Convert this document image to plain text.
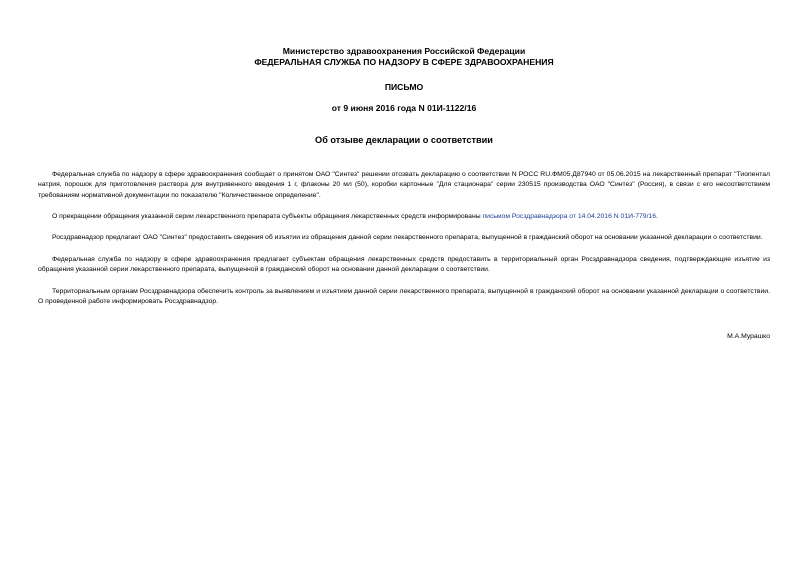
Министерство здравоохранения Российской Федерации
ФЕДЕРАЛЬНАЯ СЛУЖБА ПО НАДЗОРУ В СФЕРЕ ЗДРАВООХРАНЕНИЯ
ПИСЬМО
от 9 июня 2016 года N 01И-1122/16
Об отзыве декларации о соответствии

Федеральная служба по надзору в сфере здравоохранения сообщает о принятом ОАО "Синтез" решении отозвать декларацию о соответствии N РОСС RU.ФМ05.Д87940 от 05.06.2015 на лекарственный препарат "Тиопентал натрия, порошок для приготовления раствора для внутривенного введения 1 г, флаконы 20 мл (50), коробки картонные "Для стационара" серии 230515 производства ОАО "Синтез" (Россия), в связи с его несоответствием требованиям нормативной документации по показателю "Количественное определение".

О прекращении обращения указанной серии лекарственного препарата субъекты обращения лекарственных средств информированы письмом Росздравнадзора от 14.04.2016 N 01И-779/16.

Росздравнадзор предлагает ОАО "Синтез" предоставить сведения об изъятии из обращения данной серии лекарственного препарата, выпущенной в гражданский оборот на основании указанной декларации о соответствии.

Федеральная служба по надзору в сфере здравоохранения предлагает субъектам обращения лекарственных средств предоставить в территориальный орган Росздравнадзора сведения, подтверждающие изъятие из обращения указанной серии лекарственного препарата, выпущенной в гражданский оборот на основании данной декларации о соответствии.

Территориальным органам Росздравнадзора обеспечить контроль за выявлением и изъятием данной серии лекарственного препарата, выпущенной в гражданский оборот на основании указанной декларации о соответствии. О проведенной работе информировать Росздравнадзор.

М.А.Мурашко
